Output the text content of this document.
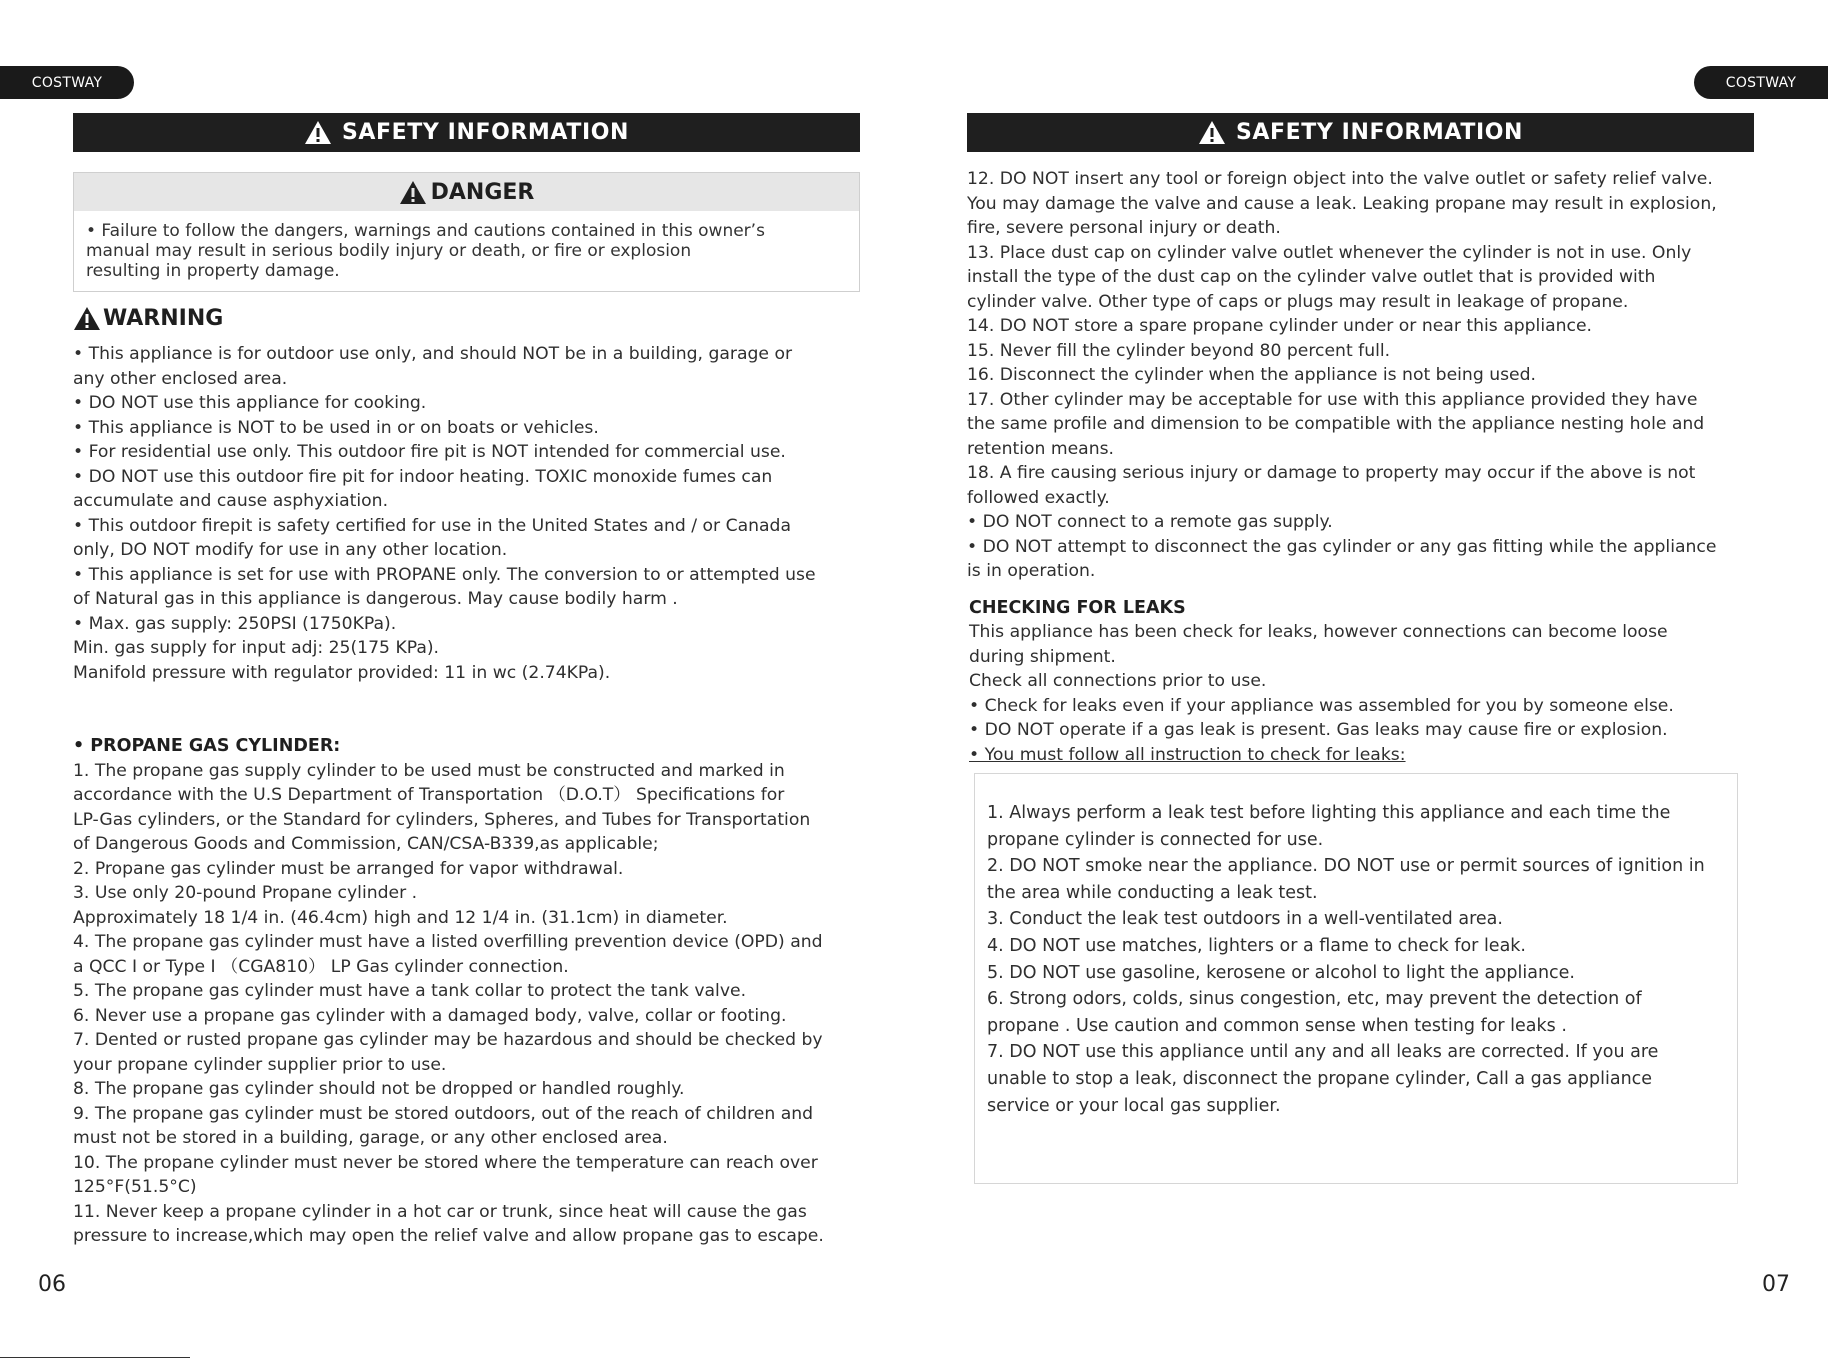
COSTWAY	COSTWAY
SAFETY INFORMATION
DANGER
• Failure to follow the dangers, warnings and cautions contained in this owner’s
manual may result in serious bodily injury or death, or fire or explosion
resulting in property damage.
WARNING

• This appliance is for outdoor use only, and should NOT be in a building, garage or

any other enclosed area.

• DO NOT use this appliance for cooking.

• This appliance is NOT to be used in or on boats or vehicles.

• For residential use only. This outdoor fire pit is NOT intended for commercial use.

• DO NOT use this outdoor fire pit for indoor heating. TOXIC monoxide fumes can

accumulate and cause asphyxiation.

• This outdoor firepit is safety certified for use in the United States and / or Canada

only, DO NOT modify for use in any other location.

• This appliance is set for use with PROPANE only. The conversion to or attempted use

of Natural gas in this appliance is dangerous. May cause bodily harm .

• Max. gas supply: 250PSI (1750KPa).

Min. gas supply for input adj: 25(175 KPa).

Manifold pressure with regulator provided: 11 in wc (2.74KPa).

• PROPANE GAS CYLINDER:

1. The propane gas supply cylinder to be used must be constructed and marked in

accordance with the U.S Department of Transportation （D.O.T） Specifications for

LP-Gas cylinders, or the Standard for cylinders, Spheres, and Tubes for Transportation

of Dangerous Goods and Commission, CAN/CSA-B339,as applicable;

2. Propane gas cylinder must be arranged for vapor withdrawal.

3. Use only 20-pound Propane cylinder .

Approximately 18 1/4 in. (46.4cm) high and 12 1/4 in. (31.1cm) in diameter.

4. The propane gas cylinder must have a listed overfilling prevention device (OPD) and

a QCC I or Type I （CGA810） LP Gas cylinder connection.

5. The propane gas cylinder must have a tank collar to protect the tank valve.

6. Never use a propane gas cylinder with a damaged body, valve, collar or footing.

7. Dented or rusted propane gas cylinder may be hazardous and should be checked by

your propane cylinder supplier prior to use.

8. The propane gas cylinder should not be dropped or handled roughly.

9. The propane gas cylinder must be stored outdoors, out of the reach of children and

must not be stored in a building, garage, or any other enclosed area.

10. The propane cylinder must never be stored where the temperature can reach over

125°F(51.5°C)

11. Never keep a propane cylinder in a hot car or trunk, since heat will cause the gas

pressure to increase,which may open the relief valve and allow propane gas to escape.

SAFETY INFORMATION

12. DO NOT insert any tool or foreign object into the valve outlet or safety relief valve.

You may damage the valve and cause a leak. Leaking propane may result in explosion,

fire, severe personal injury or death.

13. Place dust cap on cylinder valve outlet whenever the cylinder is not in use. Only

install the type of the dust cap on the cylinder valve outlet that is provided with

cylinder valve. Other type of caps or plugs may result in leakage of propane.

14. DO NOT store a spare propane cylinder under or near this appliance.

15. Never fill the cylinder beyond 80 percent full.

16. Disconnect the cylinder when the appliance is not being used.

17. Other cylinder may be acceptable for use with this appliance provided they have

the same profile and dimension to be compatible with the appliance nesting hole and

retention means.

18. A fire causing serious injury or damage to property may occur if the above is not

followed exactly.

• DO NOT connect to a remote gas supply.

• DO NOT attempt to disconnect the gas cylinder or any gas fitting while the appliance

is in operation.

CHECKING FOR LEAKS

This appliance has been check for leaks, however connections can become loose

during shipment.

Check all connections prior to use.

• Check for leaks even if your appliance was assembled for you by someone else.

• DO NOT operate if a gas leak is present. Gas leaks may cause fire or explosion.

• You must follow all instruction to check for leaks:

1. Always perform a leak test before lighting this appliance and each time the

propane cylinder is connected for use.

2. DO NOT smoke near the appliance. DO NOT use or permit sources of ignition in

the area while conducting a leak test.

3. Conduct the leak test outdoors in a well-ventilated area.

4. DO NOT use matches, lighters or a flame to check for leak.

5. DO NOT use gasoline, kerosene or alcohol to light the appliance.

6. Strong odors, colds, sinus congestion, etc, may prevent the detection of

propane . Use caution and common sense when testing for leaks .

7. DO NOT use this appliance until any and all leaks are corrected. If you are

unable to stop a leak, disconnect the propane cylinder, Call a gas appliance

service or your local gas supplier.

06	07
